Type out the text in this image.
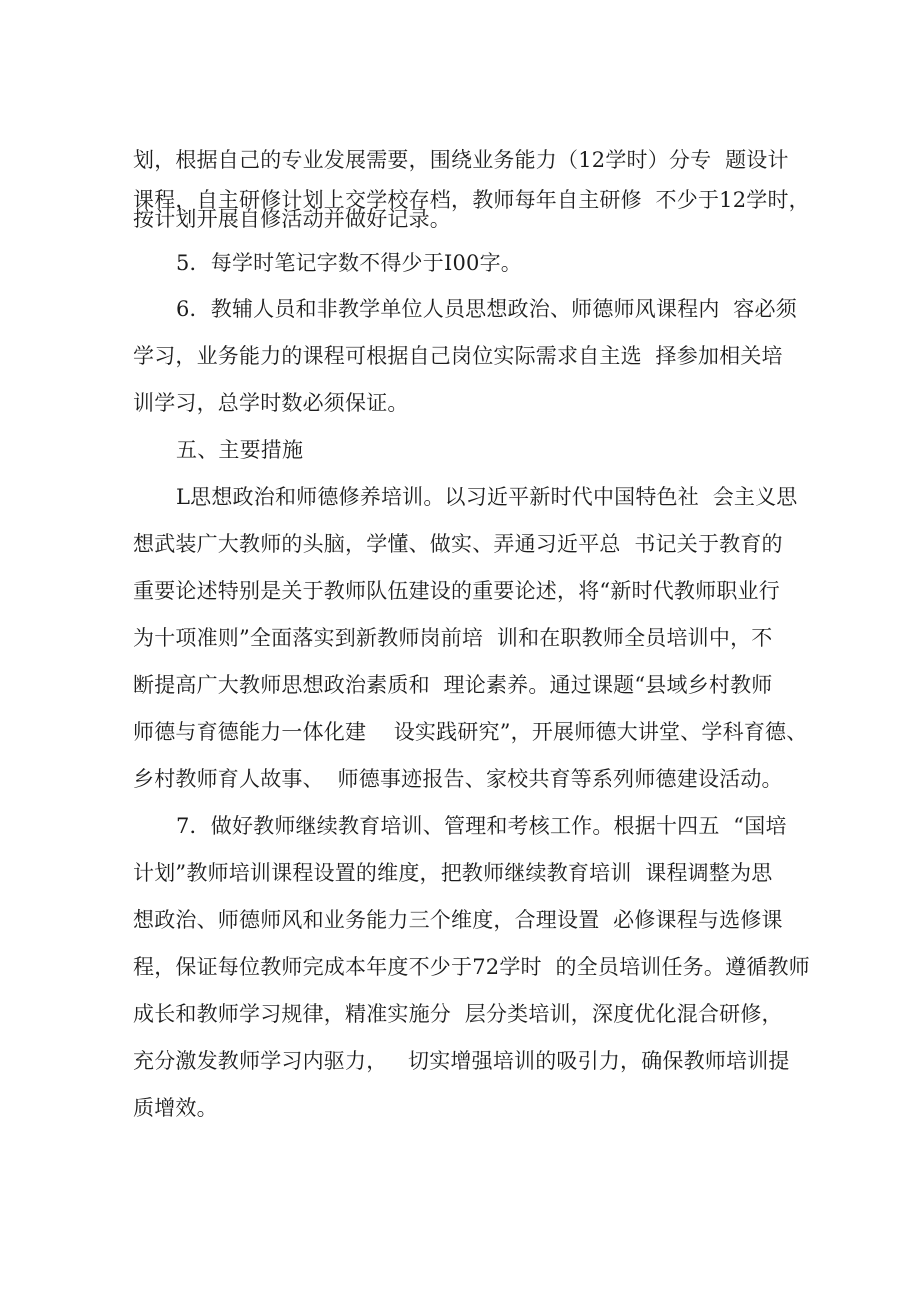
划，根据自己的专业发展需要，围绕业务能力（12学时）分专  题设计
课程，自主研修计划上交学校存档，教师每年自主研修  不少于12学时，
按计划开展自修活动并做好记录。
5．每学时笔记字数不得少于I00字。
6．教辅人员和非教学单位人员思想政治、师德师风课程内  容必须
学习，业务能力的课程可根据自己岗位实际需求自主选  择参加相关培
训学习，总学时数必须保证。
五、主要措施
L思想政治和师德修养培训。以习近平新时代中国特色社  会主义思
想武装广大教师的头脑，学懂、做实、弄通习近平总  书记关于教育的
重要论述特别是关于教师队伍建设的重要论述，将“新时代教师职业行
为十项准则”全面落实到新教师岗前培  训和在职教师全员培训中，不
断提高广大教师思想政治素质和  理论素养。通过课题“县域乡村教师
师德与育德能力一体化建    设实践研究”，开展师德大讲堂、学科育德、
乡村教师育人故事、  师德事迹报告、家校共育等系列师德建设活动。
7．做好教师继续教育培训、管理和考核工作。根据十四五  “国培
计划”教师培训课程设置的维度，把教师继续教育培训  课程调整为思
想政治、师德师风和业务能力三个维度，合理设置  必修课程与选修课
程，保证每位教师完成本年度不少于72学时  的全员培训任务。遵循教师
成长和教师学习规律，精准实施分  层分类培训，深度优化混合研修，
充分激发教师学习内驱力，   切实增强培训的吸引力，确保教师培训提
质增效。
